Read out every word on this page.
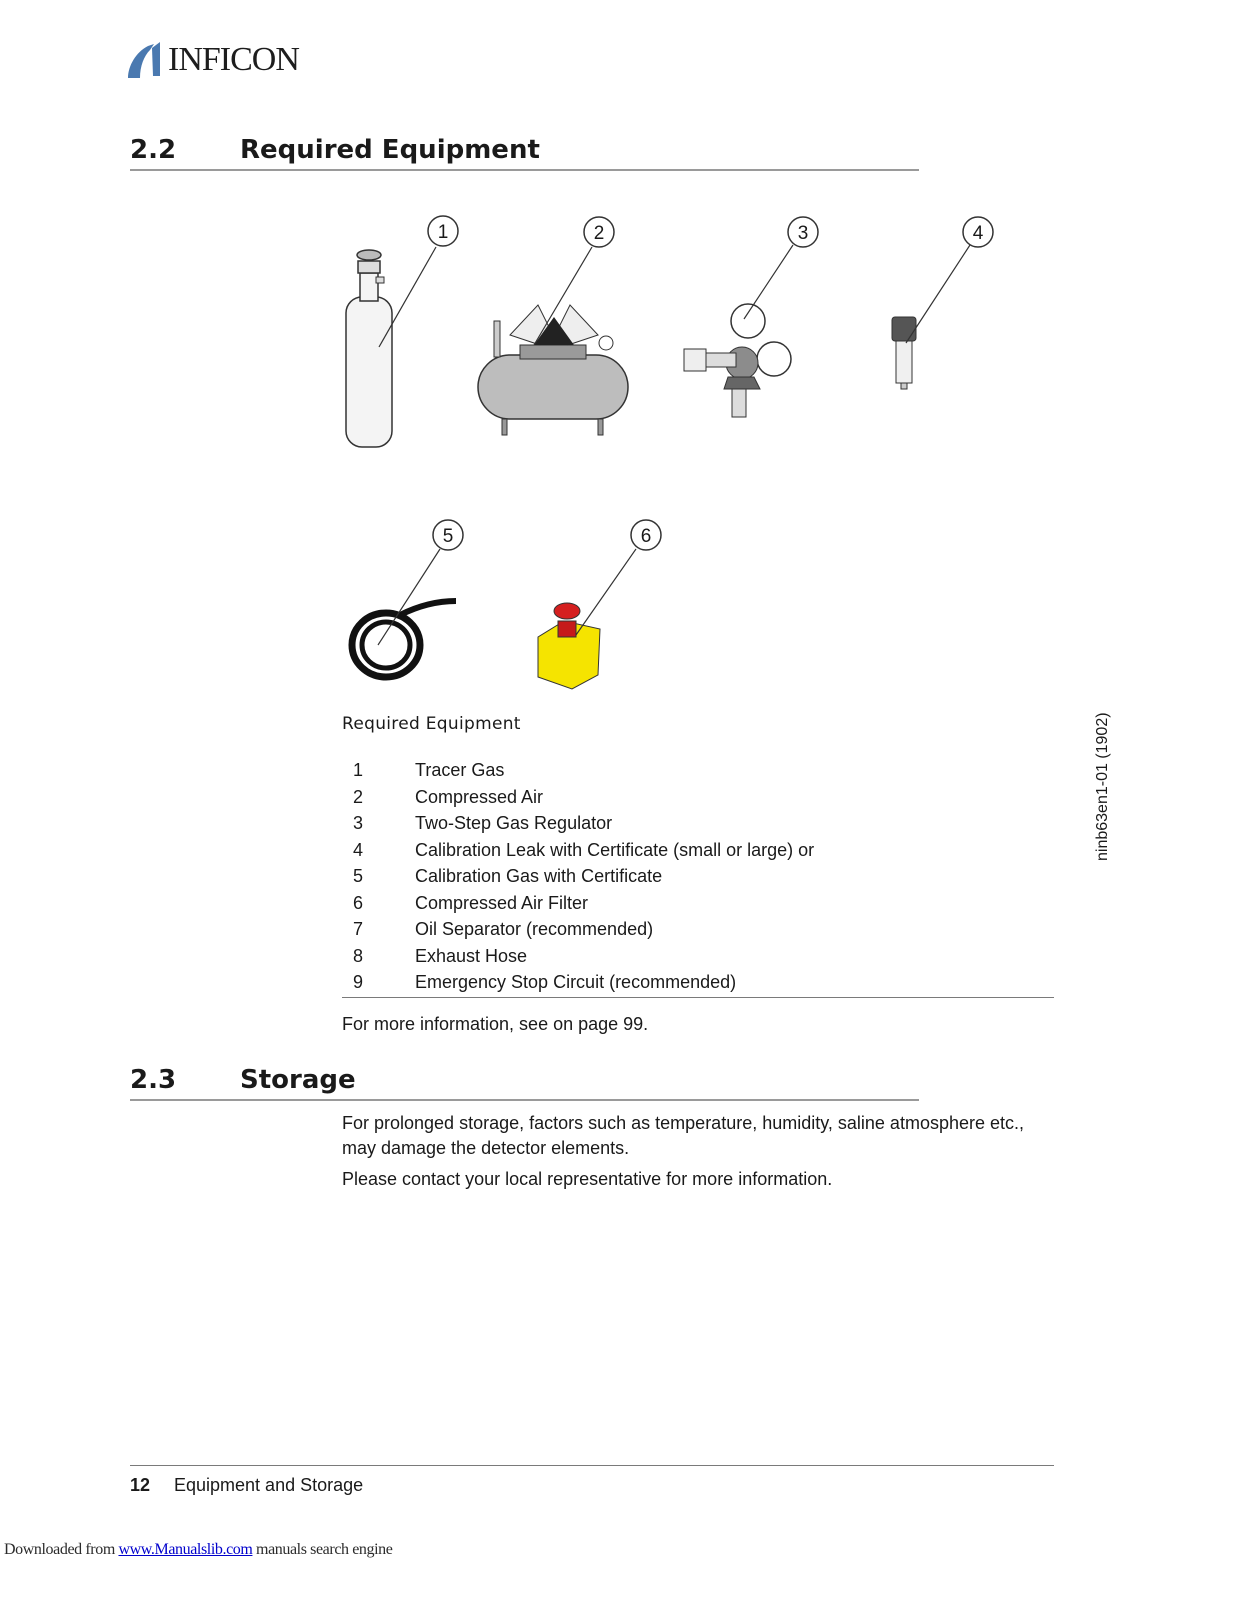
INFICON
2.2 Required Equipment
1	2	3	4
5	6
Required Equipment
1	Tracer Gas
2	Compressed Air
3	Two-Step Gas Regulator
4	Calibration Leak with Certificate (small or large) or
5	Calibration Gas with Certificate
6	Compressed Air Filter
7	Oil Separator (recommended)
8	Exhaust Hose
9	Emergency Stop Circuit (recommended)
For more information, see on page 99.
2.3 Storage
For prolonged storage, factors such as temperature, humidity, saline atmosphere etc., may damage the detector elements.
Please contact your local representative for more information.
ninb63en1-01 (1902)
12 Equipment and Storage
Downloaded from www.Manualslib.com manuals search engine
